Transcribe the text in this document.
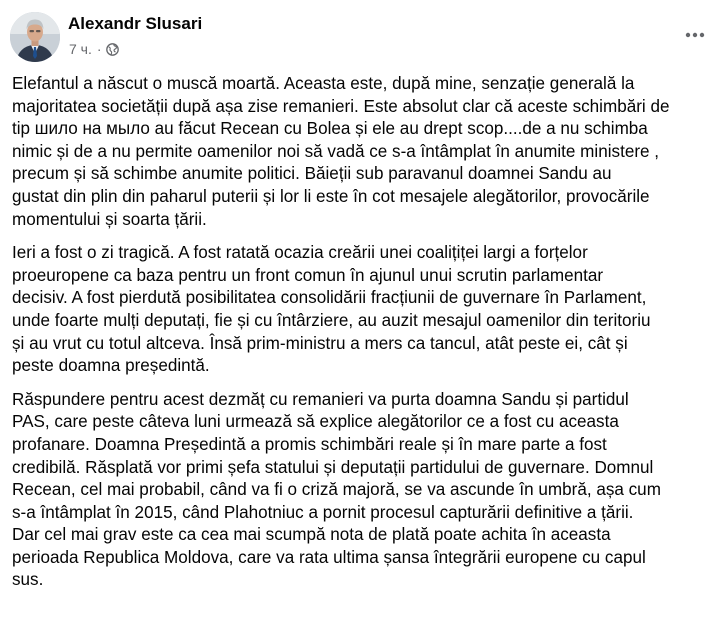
Alexandr Slusari
7 ч. ·

Elefantul a născut o muscă moartă. Aceasta este, după mine, senzație generală la

majoritatea societății după așa zise remanieri. Este absolut clar că aceste schimbări de

tip шило на мыло au făcut Recean cu Bolea și ele au drept scop....de a nu schimba

nimic și de a nu permite oamenilor noi să vadă ce s-a întâmplat în anumite ministere ,

precum și să schimbe anumite politici. Băieții sub paravanul doamnei Sandu au

gustat din plin din paharul puterii și lor li este în cot mesajele alegătorilor, provocările

momentului și soarta țării.

Ieri a fost o zi tragică. A fost ratată ocazia creării unei coalițiței largi a forțelor

proeuropene ca baza pentru un front comun în ajunul unui scrutin parlamentar

decisiv. A fost pierdută posibilitatea consolidării fracțiunii de guvernare în Parlament,

unde foarte mulți deputați, fie și cu întârziere, au auzit mesajul oamenilor din teritoriu

și au vrut cu totul altceva. Însă prim-ministru a mers ca tancul, atât peste ei, cât și

peste doamna președintă.

Răspundere pentru acest dezmăț cu remanieri va purta doamna Sandu și partidul

PAS, care peste câteva luni urmează să explice alegătorilor ce a fost cu aceasta

profanare. Doamna Președintă a promis schimbări reale și în mare parte a fost

credibilă. Răsplată vor primi șefa statului și deputații partidului de guvernare. Domnul

Recean, cel mai probabil, când va fi o criză majoră, se va ascunde în umbră, așa cum

s-a întâmplat în 2015, când Plahotniuc a pornit procesul capturării definitive a țării.

Dar cel mai grav este ca cea mai scumpă nota de plată poate achita în aceasta

perioada Republica Moldova, care va rata ultima șansa întegrării europene cu capul

sus.
